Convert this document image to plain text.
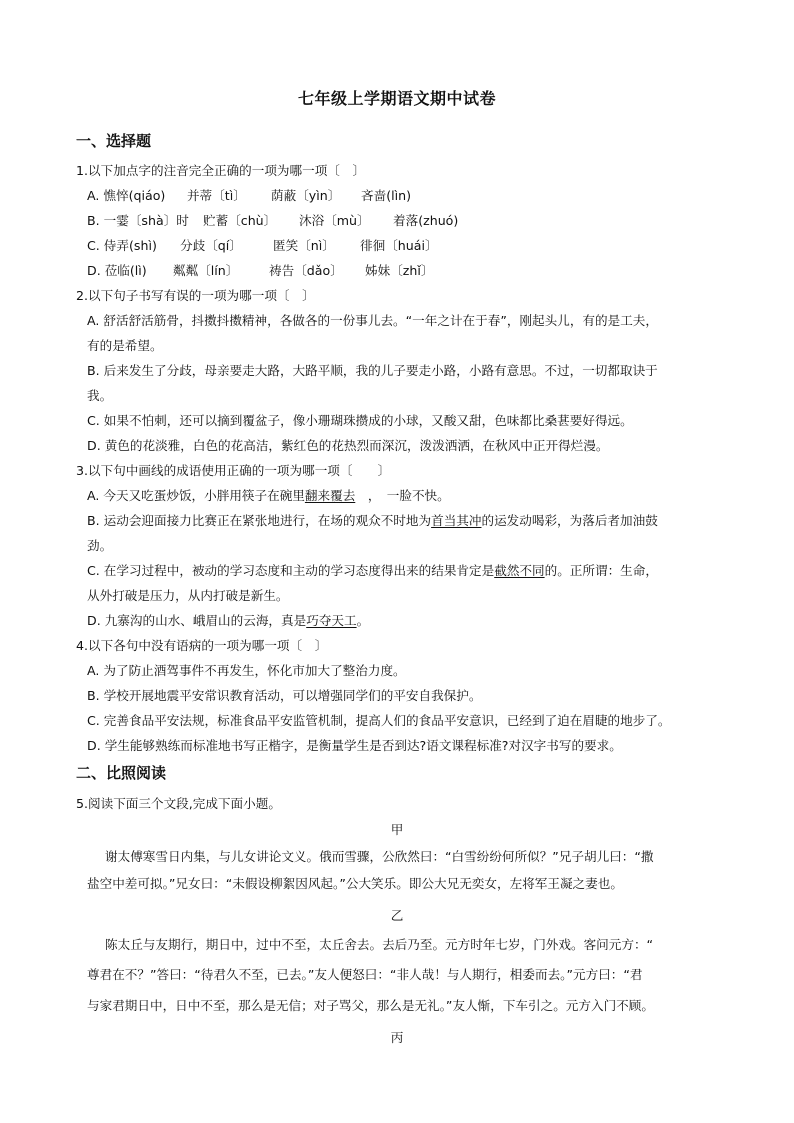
七年级上学期语文期中试卷
一、选择题
1.以下加点字的注音完全正确的一项为哪一项〔　〕
A. 憔悴(qiáo) 并蒂〔tì〕 荫蔽〔yìn〕 吝啬(lìn)
B. 一霎〔shà〕时 贮蓄〔chù〕 沐浴〔mù〕 着落(zhuó)
C. 侍弄(shì) 分歧〔qí〕 匿笑〔nì〕 徘徊〔huái〕
D. 莅临(lì) 粼粼〔lín〕 祷告〔dǎo〕 姊妹〔zhǐ〕
2.以下句子书写有误的一项为哪一项〔　〕
A. 舒活舒活筋骨，抖擞抖擞精神，各做各的一份事儿去。“一年之计在于春”，刚起头儿，有的是工夫，
有的是希望。
B. 后来发生了分歧，母亲要走大路，大路平顺，我的儿子要走小路，小路有意思。不过，一切都取诀于
我。
C. 如果不怕刺，还可以摘到覆盆子，像小珊瑚珠攒成的小球，又酸又甜，色味都比桑葚要好得远。
D. 黄色的花淡雅，白色的花高洁，紫红色的花热烈而深沉，泼泼洒洒，在秋风中正开得烂漫。
3.以下句中画线的成语使用正确的一项为哪一项〔　　〕
A. 今天又吃蛋炒饭，小胖用筷子在碗里翻来覆去　，　一脸不快。
B. 运动会迎面接力比赛正在紧张地进行，在场的观众不时地为首当其冲的运发动喝彩，为落后者加油鼓
劲。
C. 在学习过程中，被动的学习态度和主动的学习态度得出来的结果肯定是截然不同的。正所谓：生命，
从外打破是压力，从内打破是新生。
D. 九寨沟的山水、峨眉山的云海，真是巧夺天工。
4.以下各句中没有语病的一项为哪一项〔　〕
A. 为了防止酒驾事件不再发生，怀化市加大了整治力度。
B. 学校开展地震平安常识教育活动，可以增强同学们的平安自我保护。
C. 完善食品平安法规，标准食品平安监管机制，提高人们的食品平安意识，已经到了迫在眉睫的地步了。
D. 学生能够熟练而标准地书写正楷字，是衡量学生是否到达?语文课程标准?对汉字书写的要求。
二、比照阅读
5.阅读下面三个文段,完成下面小题。
甲
谢太傅寒雪日内集，与儿女讲论文义。俄而雪骤，公欣然曰：“白雪纷纷何所似？”兄子胡儿曰：“撒
盐空中差可拟。”兄女曰：“未假设柳絮因风起。”公大笑乐。即公大兄无奕女，左将军王凝之妻也。
乙
陈太丘与友期行，期日中，过中不至，太丘舍去。去后乃至。元方时年七岁，门外戏。客问元方：“
尊君在不？”答曰：“待君久不至，已去。”友人便怒曰：“非人哉！与人期行，相委而去。”元方曰：“君
与家君期日中，日中不至，那么是无信；对子骂父，那么是无礼。”友人惭，下车引之。元方入门不顾。
丙
